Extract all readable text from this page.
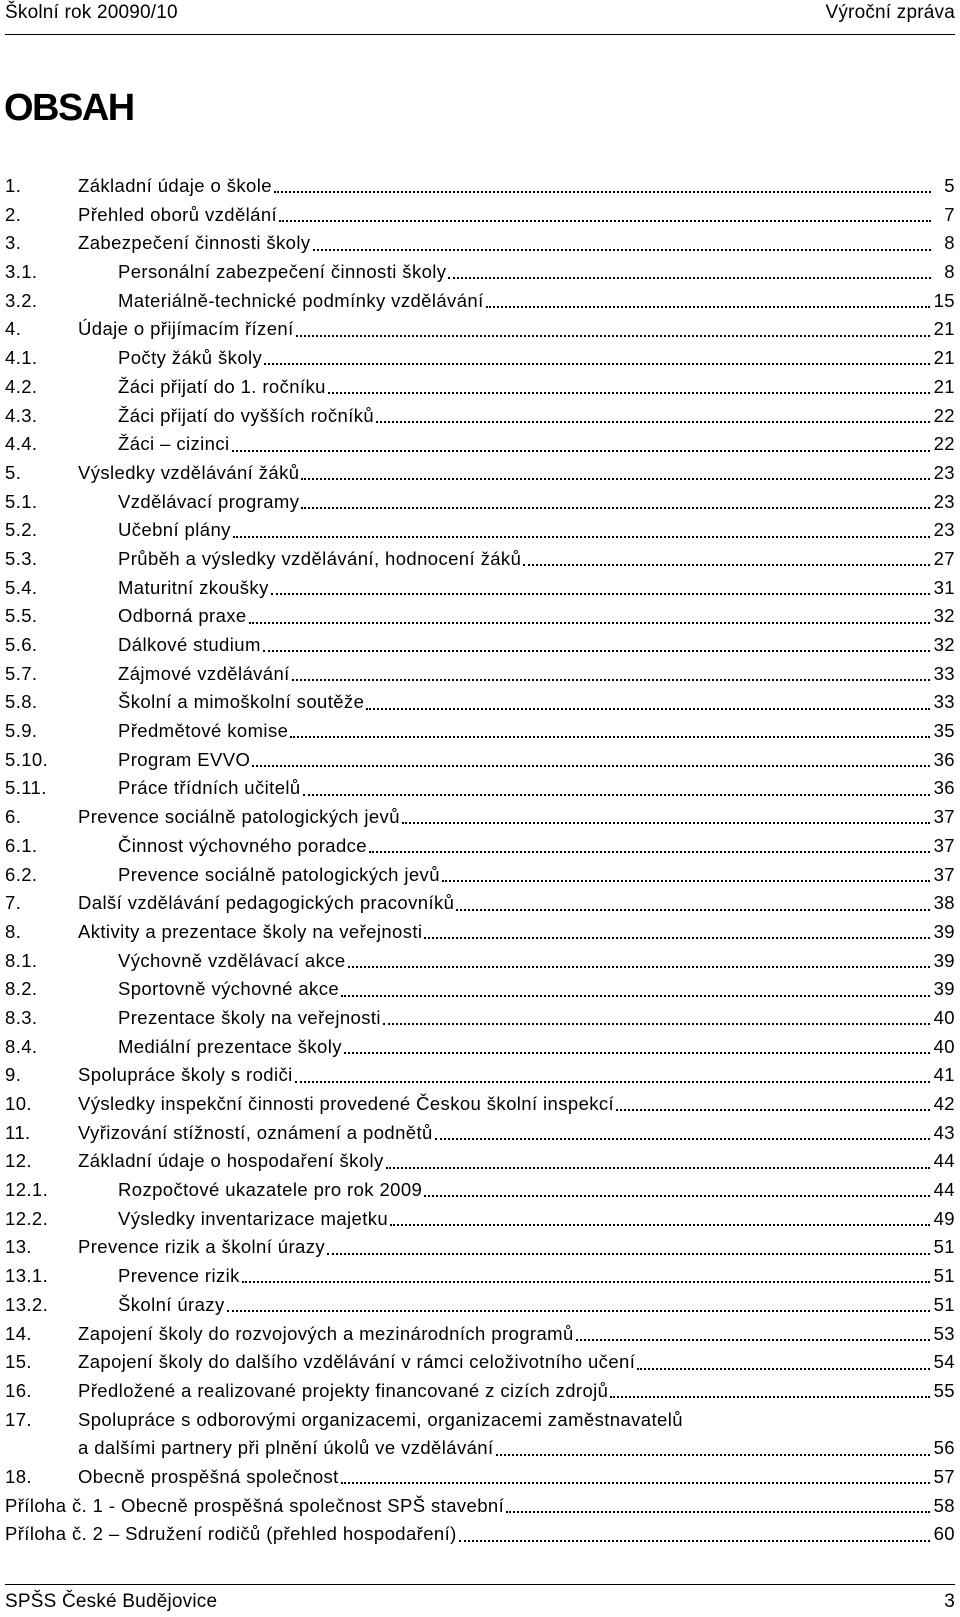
Školní rok 20090/10	Výroční zpráva
OBSAH
1.	Základní údaje o škole	5
2.	Přehled oborů vzdělání	7
3.	Zabezpečení činnosti školy	8
3.1.	Personální zabezpečení činnosti školy	8
3.2.	Materiálně-technické podmínky vzdělávání	15
4.	Údaje o přijímacím řízení	21
4.1.	Počty žáků školy	21
4.2.	Žáci přijatí do 1. ročníku	21
4.3.	Žáci přijatí do vyšších ročníků	22
4.4.	Žáci – cizinci	22
5.	Výsledky vzdělávání žáků	23
5.1.	Vzdělávací programy	23
5.2.	Učební plány	23
5.3.	Průběh a výsledky vzdělávání, hodnocení žáků	27
5.4.	Maturitní zkoušky	31
5.5.	Odborná praxe	32
5.6.	Dálkové studium	32
5.7.	Zájmové vzdělávání	33
5.8.	Školní a mimoškolní soutěže	33
5.9.	Předmětové komise	35
5.10.	Program EVVO	36
5.11.	Práce třídních učitelů	36
6.	Prevence sociálně patologických jevů	37
6.1.	Činnost výchovného poradce	37
6.2.	Prevence sociálně patologických jevů	37
7.	Další vzdělávání pedagogických pracovníků	38
8.	Aktivity a prezentace školy na veřejnosti	39
8.1.	Výchovně vzdělávací akce	39
8.2.	Sportovně výchovné akce	39
8.3.	Prezentace školy na veřejnosti	40
8.4.	Mediální prezentace školy	40
9.	Spolupráce školy s rodiči	41
10.	Výsledky inspekční činnosti provedené Českou školní inspekcí	42
11.	Vyřizování stížností, oznámení a podnětů	43
12.	Základní údaje o hospodaření školy	44
12.1.	Rozpočtové ukazatele pro rok 2009	44
12.2.	Výsledky inventarizace majetku	49
13.	Prevence rizik a školní úrazy	51
13.1.	Prevence rizik	51
13.2.	Školní úrazy	51
14.	Zapojení školy do rozvojových a mezinárodních programů	53
15.	Zapojení školy do dalšího vzdělávání v rámci celoživotního učení	54
16.	Předložené a realizované projekty financované z cizích zdrojů	55
17.	Spolupráce s odborovými organizacemi, organizacemi zaměstnavatelů
a dalšími partnery při plnění úkolů ve vzdělávání	56
18.	Obecně prospěšná společnost	57
Příloha č. 1 - Obecně prospěšná společnost SPŠ stavební	58
Příloha č. 2 – Sdružení rodičů (přehled hospodaření)	60
SPŠS České Budějovice	3
